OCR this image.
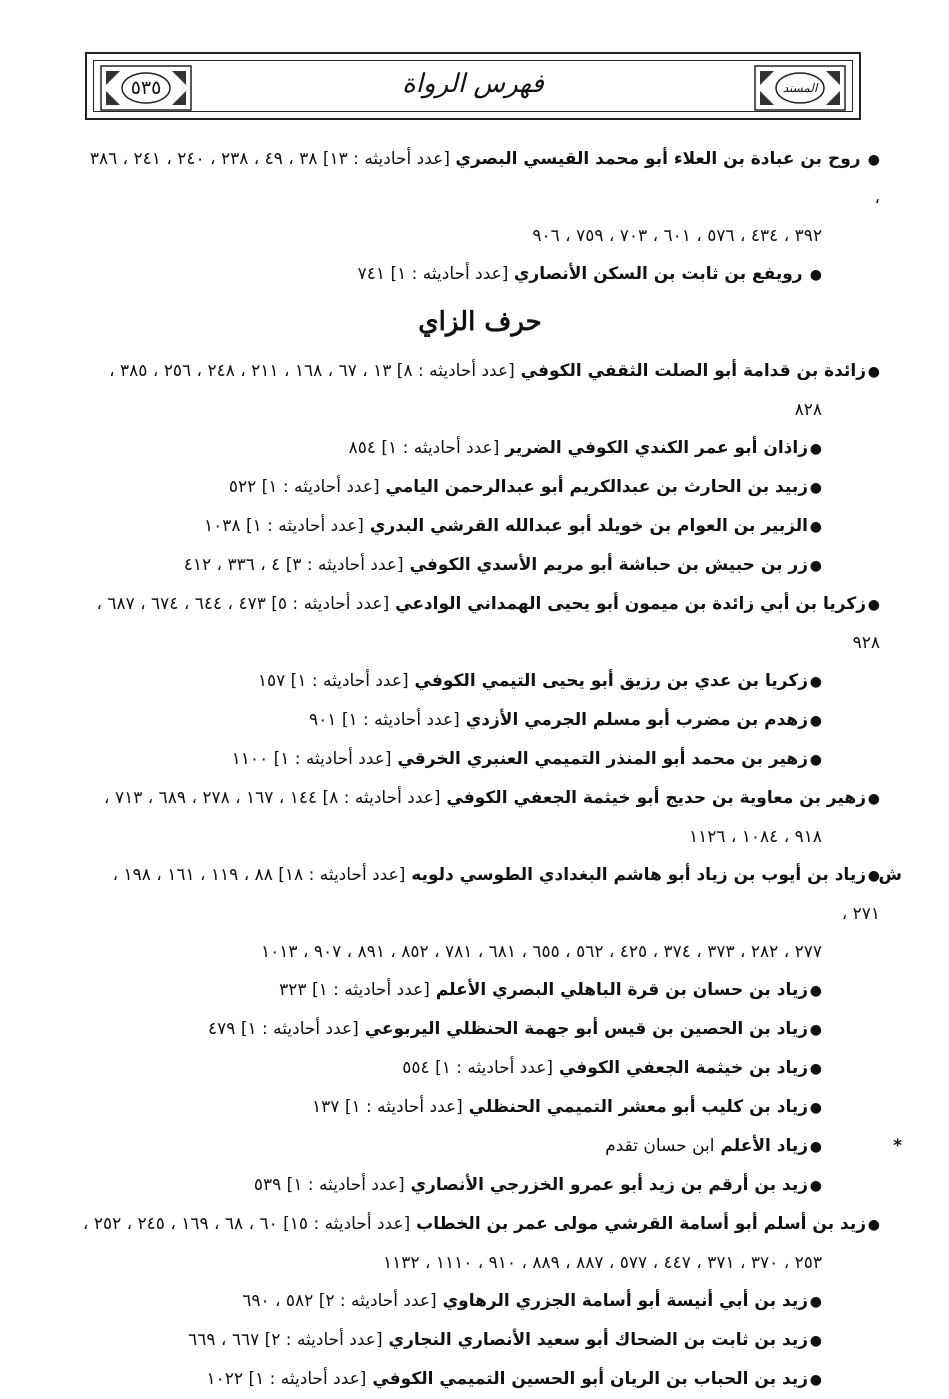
٥٣٥	فهرس الرواة	المسند
● روح بن عبادة بن العلاء أبو محمد القيسي البصري [عدد أحاديثه : ١٣] ٣٨ ، ٤٩ ، ٢٣٨ ، ٢٤٠ ، ٢٤١ ، ٣٨٦ ،
٣٩٢ ، ٤٣٤ ، ٥٧٦ ، ٦٠١ ، ٧٠٣ ، ٧٥٩ ، ٩٠٦
● رويفع بن ثابت بن السكن الأنصاري [عدد أحاديثه : ١] ٧٤١
حرف الزاي
●زائدة بن قدامة أبو الصلت الثقفي الكوفي [عدد أحاديثه : ٨] ١٣ ، ٦٧ ، ١٦٨ ، ٢١١ ، ٢٤٨ ، ٢٥٦ ، ٣٨٥ ،
٨٢٨
●زاذان أبو عمر الكندي الكوفي الضرير [عدد أحاديثه : ١] ٨٥٤
●زبيد بن الحارث بن عبدالكريم أبو عبدالرحمن اليامي [عدد أحاديثه : ١] ٥٢٢
●الزبير بن العوام بن خويلد أبو عبدالله القرشي البدري [عدد أحاديثه : ١] ١٠٣٨
●زر بن حبيش بن حباشة أبو مريم الأسدي الكوفي [عدد أحاديثه : ٣] ٤ ، ٣٣٦ ، ٤١٢
●زكريا بن أبي زائدة بن ميمون أبو يحيى الهمداني الوادعي [عدد أحاديثه : ٥] ٤٧٣ ، ٦٤٤ ، ٦٧٤ ، ٦٨٧ ، ٩٢٨
●زكريا بن عدي بن رزيق أبو يحيى التيمي الكوفي [عدد أحاديثه : ١] ١٥٧
●زهدم بن مضرب أبو مسلم الجرمي الأزدي [عدد أحاديثه : ١] ٩٠١
●زهير بن محمد أبو المنذر التميمي العنبري الخرقي [عدد أحاديثه : ١] ١١٠٠
●زهير بن معاوية بن حديج أبو خيثمة الجعفي الكوفي [عدد أحاديثه : ٨] ١٤٤ ، ١٦٧ ، ٢٧٨ ، ٦٨٩ ، ٧١٣ ،
٩١٨ ، ١٠٨٤ ، ١١٢٦
ش
●زياد بن أيوب بن زياد أبو هاشم البغدادي الطوسي دلويه [عدد أحاديثه : ١٨] ٨٨ ، ١١٩ ، ١٦١ ، ١٩٨ ، ٢٧١ ،
٢٧٧ ، ٢٨٢ ، ٣٧٣ ، ٣٧٤ ، ٤٢٥ ، ٥٦٢ ، ٦٥٥ ، ٦٨١ ، ٧٨١ ، ٨٥٢ ، ٨٩١ ، ٩٠٧ ، ١٠١٣
●زياد بن حسان بن قرة الباهلي البصري الأعلم [عدد أحاديثه : ١] ٣٢٣
●زياد بن الحصين بن قيس أبو جهمة الحنظلي اليربوعي [عدد أحاديثه : ١] ٤٧٩
●زياد بن خيثمة الجعفي الكوفي [عدد أحاديثه : ١] ٥٥٤
●زياد بن كليب أبو معشر التميمي الحنظلي [عدد أحاديثه : ١] ١٣٧
*
●زياد الأعلم ابن حسان تقدم
●زيد بن أرقم بن زيد أبو عمرو الخزرجي الأنصاري [عدد أحاديثه : ١] ٥٣٩
●زيد بن أسلم أبو أسامة القرشي مولى عمر بن الخطاب [عدد أحاديثه : ١٥] ٦٠ ، ٦٨ ، ١٦٩ ، ٢٤٥ ، ٢٥٢ ،
٢٥٣ ، ٣٧٠ ، ٣٧١ ، ٤٤٧ ، ٥٧٧ ، ٨٨٧ ، ٨٨٩ ، ٩١٠ ، ١١١٠ ، ١١٣٢
●زيد بن أبي أنيسة أبو أسامة الجزري الرهاوي [عدد أحاديثه : ٢] ٥٨٢ ، ٦٩٠
●زيد بن ثابت بن الضحاك أبو سعيد الأنصاري النجاري [عدد أحاديثه : ٢] ٦٦٧ ، ٦٦٩
●زيد بن الحباب بن الريان أبو الحسين التميمي الكوفي [عدد أحاديثه : ١] ١٠٢٢
